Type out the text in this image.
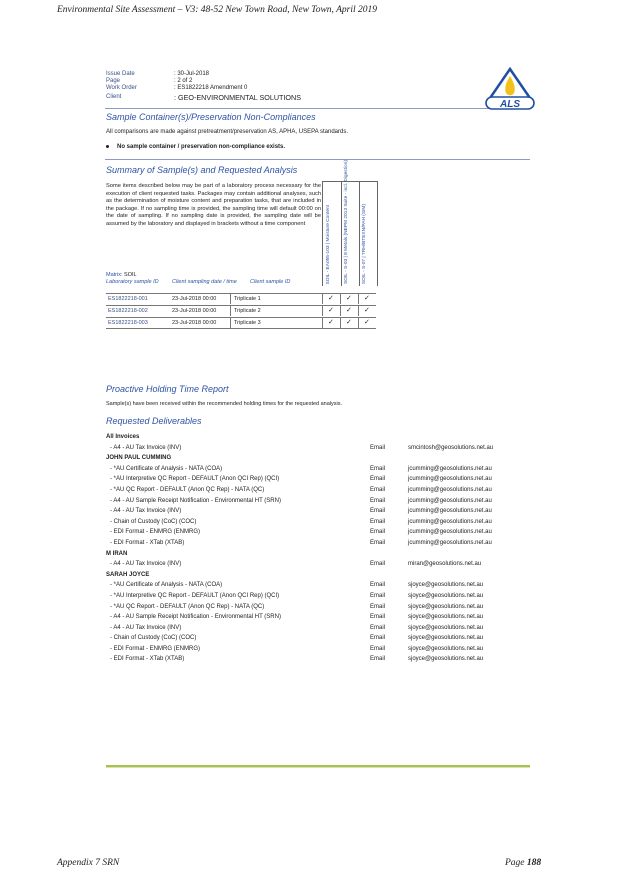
Environmental Site Assessment – V3: 48-52 New Town Road, New Town, April 2019
Issue Date	: 30-Jul-2018
Page	: 2 of 2
Work Order	: ES1822218 Amendment 0
Client	: GEO-ENVIRONMENTAL SOLUTIONS
ALS
Sample Container(s)/Preservation Non-Compliances
All comparisons are made against pretreatment/preservation AS, APHA, USEPA standards.
No sample container / preservation non-compliance exists.
Summary of Sample(s) and Requested Analysis
Some items described below may be part of a laboratory process necessary for the execution of client requested tasks. Packages may contain additional analyses, such as the determination of moisture content and preparation tasks, that are included in the package. If no sampling time is provided, the sampling time will default 00:00 on the date of sampling. If no sampling date is provided, the sampling date will be assumed by the laboratory and displayed in brackets without a time component
Matrix: SOIL	SOIL - EA055-103 | Moisture Content	SOIL - S-03 | 8 Metals (NEPM 2013 Suite - incl. Digestion)	SOIL - S-07 | TRH/BTEXN/PAH (SIM)
Laboratory sample ID Client sampling date / time Client sample ID
ES1822218-001	23-Jul-2018 00:00	Triplicate 1	✓ ✓ ✓
ES1822218-002	23-Jul-2018 00:00	Triplicate 2	✓ ✓ ✓
ES1822218-003	23-Jul-2018 00:00	Triplicate 3	✓ ✓ ✓
Proactive Holding Time Report
Sample(s) have been received within the recommended holding times for the requested analysis.
Requested Deliverables
All Invoices
- A4 - AU Tax Invoice (INV)	Email	smcintosh@geosolutions.net.au
JOHN PAUL CUMMING
- *AU Certificate of Analysis - NATA (COA)	Email	jcumming@geosolutions.net.au
- *AU Interpretive QC Report - DEFAULT (Anon QCI Rep) (QCI)	Email	jcumming@geosolutions.net.au
- *AU QC Report - DEFAULT (Anon QC Rep) - NATA (QC)	Email	jcumming@geosolutions.net.au
- A4 - AU Sample Receipt Notification - Environmental HT (SRN)	Email	jcumming@geosolutions.net.au
- A4 - AU Tax Invoice (INV)	Email	jcumming@geosolutions.net.au
- Chain of Custody (CoC) (COC)	Email	jcumming@geosolutions.net.au
- EDI Format - ENMRG (ENMRG)	Email	jcumming@geosolutions.net.au
- EDI Format - XTab (XTAB)	Email	jcumming@geosolutions.net.au
M IRAN
- A4 - AU Tax Invoice (INV)	Email	miran@geosolutions.net.au
SARAH JOYCE
- *AU Certificate of Analysis - NATA (COA)	Email	sjoyce@geosolutions.net.au
- *AU Interpretive QC Report - DEFAULT (Anon QCI Rep) (QCI)	Email	sjoyce@geosolutions.net.au
- *AU QC Report - DEFAULT (Anon QC Rep) - NATA (QC)	Email	sjoyce@geosolutions.net.au
- A4 - AU Sample Receipt Notification - Environmental HT (SRN)	Email	sjoyce@geosolutions.net.au
- A4 - AU Tax Invoice (INV)	Email	sjoyce@geosolutions.net.au
- Chain of Custody (CoC) (COC)	Email	sjoyce@geosolutions.net.au
- EDI Format - ENMRG (ENMRG)	Email	sjoyce@geosolutions.net.au
- EDI Format - XTab (XTAB)	Email	sjoyce@geosolutions.net.au
Appendix 7 SRN	Page 188
